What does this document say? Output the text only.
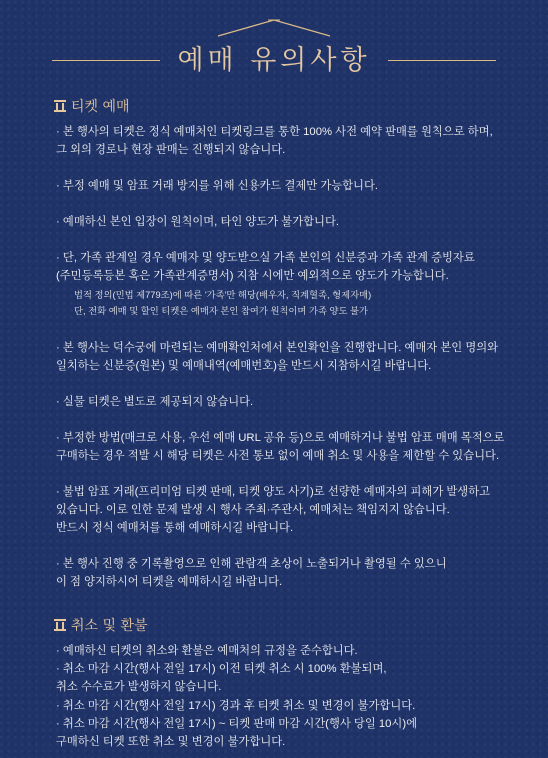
예매 유의사항
티켓 예매
· 본 행사의 티켓은 정식 예매처인 티켓링크를 통한 100% 사전 예약 판매를 원칙으로 하며,
그 외의 경로나 현장 판매는 진행되지 않습니다.
· 부정 예매 및 암표 거래 방지를 위해 신용카드 결제만 가능합니다.
· 예매하신 본인 입장이 원칙이며, 타인 양도가 불가합니다.
· 단, 가족 관계일 경우 예매자 및 양도받으실 가족 본인의 신분증과 가족 관계 증빙자료
(주민등록등본 혹은 가족관계증명서) 지참 시에만 예외적으로 양도가 가능합니다.
법적 정의(민법 제779조)에 따른 '가족'만 해당(배우자, 직계혈족, 형제자매)
단, 전화 예매 및 할인 티켓은 예매자 본인 참여가 원칙이며 가족 양도 불가
· 본 행사는 덕수궁에 마련되는 예매확인처에서 본인확인을 진행합니다. 예매자 본인 명의와
일치하는 신분증(원본) 및 예매내역(예매번호)을 반드시 지참하시길 바랍니다.
· 실물 티켓은 별도로 제공되지 않습니다.
· 부정한 방법(매크로 사용, 우선 예매 URL 공유 등)으로 예매하거나 불법 암표 매매 목적으로
구매하는 경우 적발 시 해당 티켓은 사전 통보 없이 예매 취소 및 사용을 제한할 수 있습니다.
· 불법 암표 거래(프리미엄 티켓 판매, 티켓 양도 사기)로 선량한 예매자의 피해가 발생하고
있습니다. 이로 인한 문제 발생 시 행사 주최·주관사, 예매처는 책임지지 않습니다.
반드시 정식 예매처를 통해 예매하시길 바랍니다.
· 본 행사 진행 중 기록촬영으로 인해 관람객 초상이 노출되거나 촬영될 수 있으니
이 점 양지하시어 티켓을 예매하시길 바랍니다.
취소 및 환불
· 예매하신 티켓의 취소와 환불은 예매처의 규정을 준수합니다.
· 취소 마감 시간(행사 전일 17시) 이전 티켓 취소 시 100% 환불되며,
취소 수수료가 발생하지 않습니다.
· 취소 마감 시간(행사 전일 17시) 경과 후 티켓 취소 및 변경이 불가합니다.
· 취소 마감 시간(행사 전일 17시) ~ 티켓 판매 마감 시간(행사 당일 10시)에
구매하신 티켓 또한 취소 및 변경이 불가합니다.
